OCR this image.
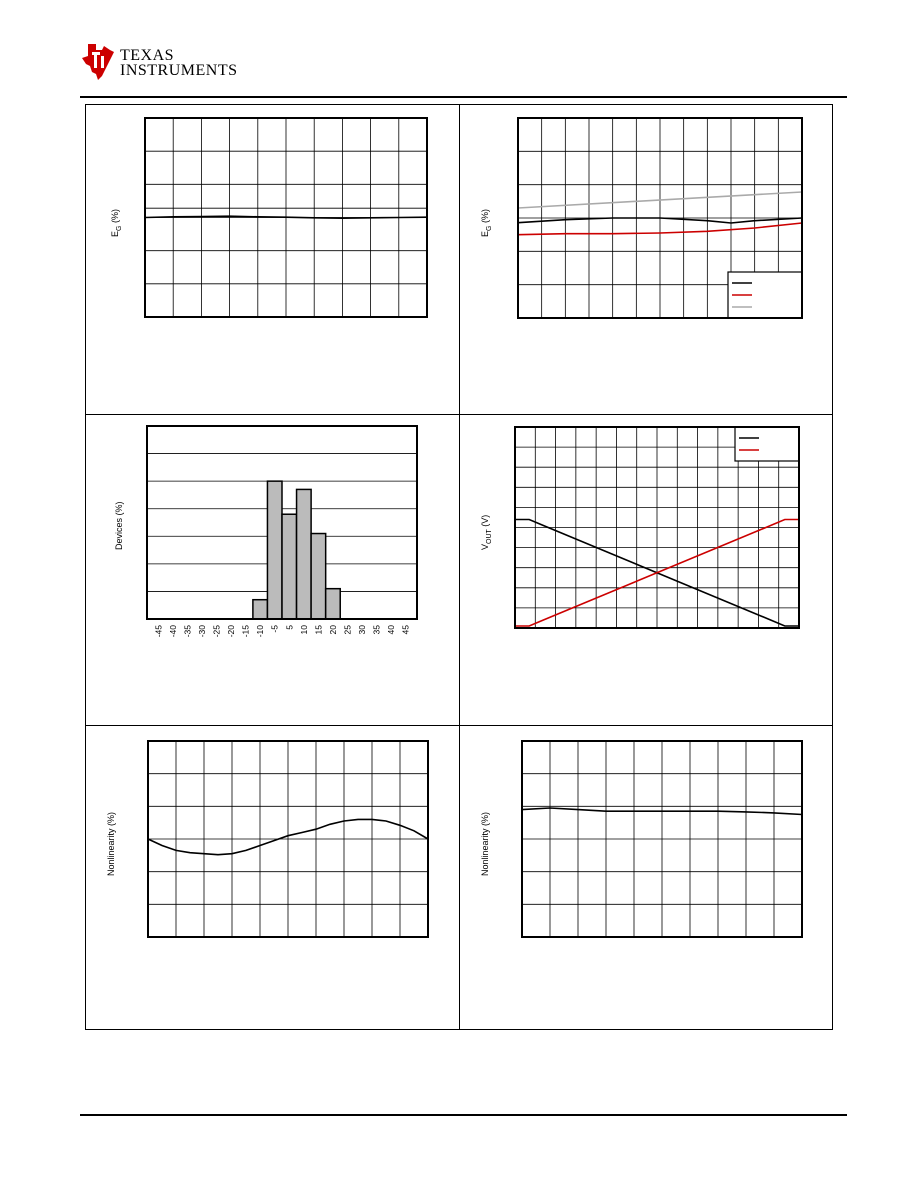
TEXAS
INSTRUMENTS
$E_G$ (%)
$E_G$ (%)
Devices (%)
-45 -40 -35 -30 -25 -20 -15 -10 -5 5 10 15 20 25 30 35 40 45
$V_{OUT}$ (V)
Nonlinearity (%)	Nonlinearity (%)
